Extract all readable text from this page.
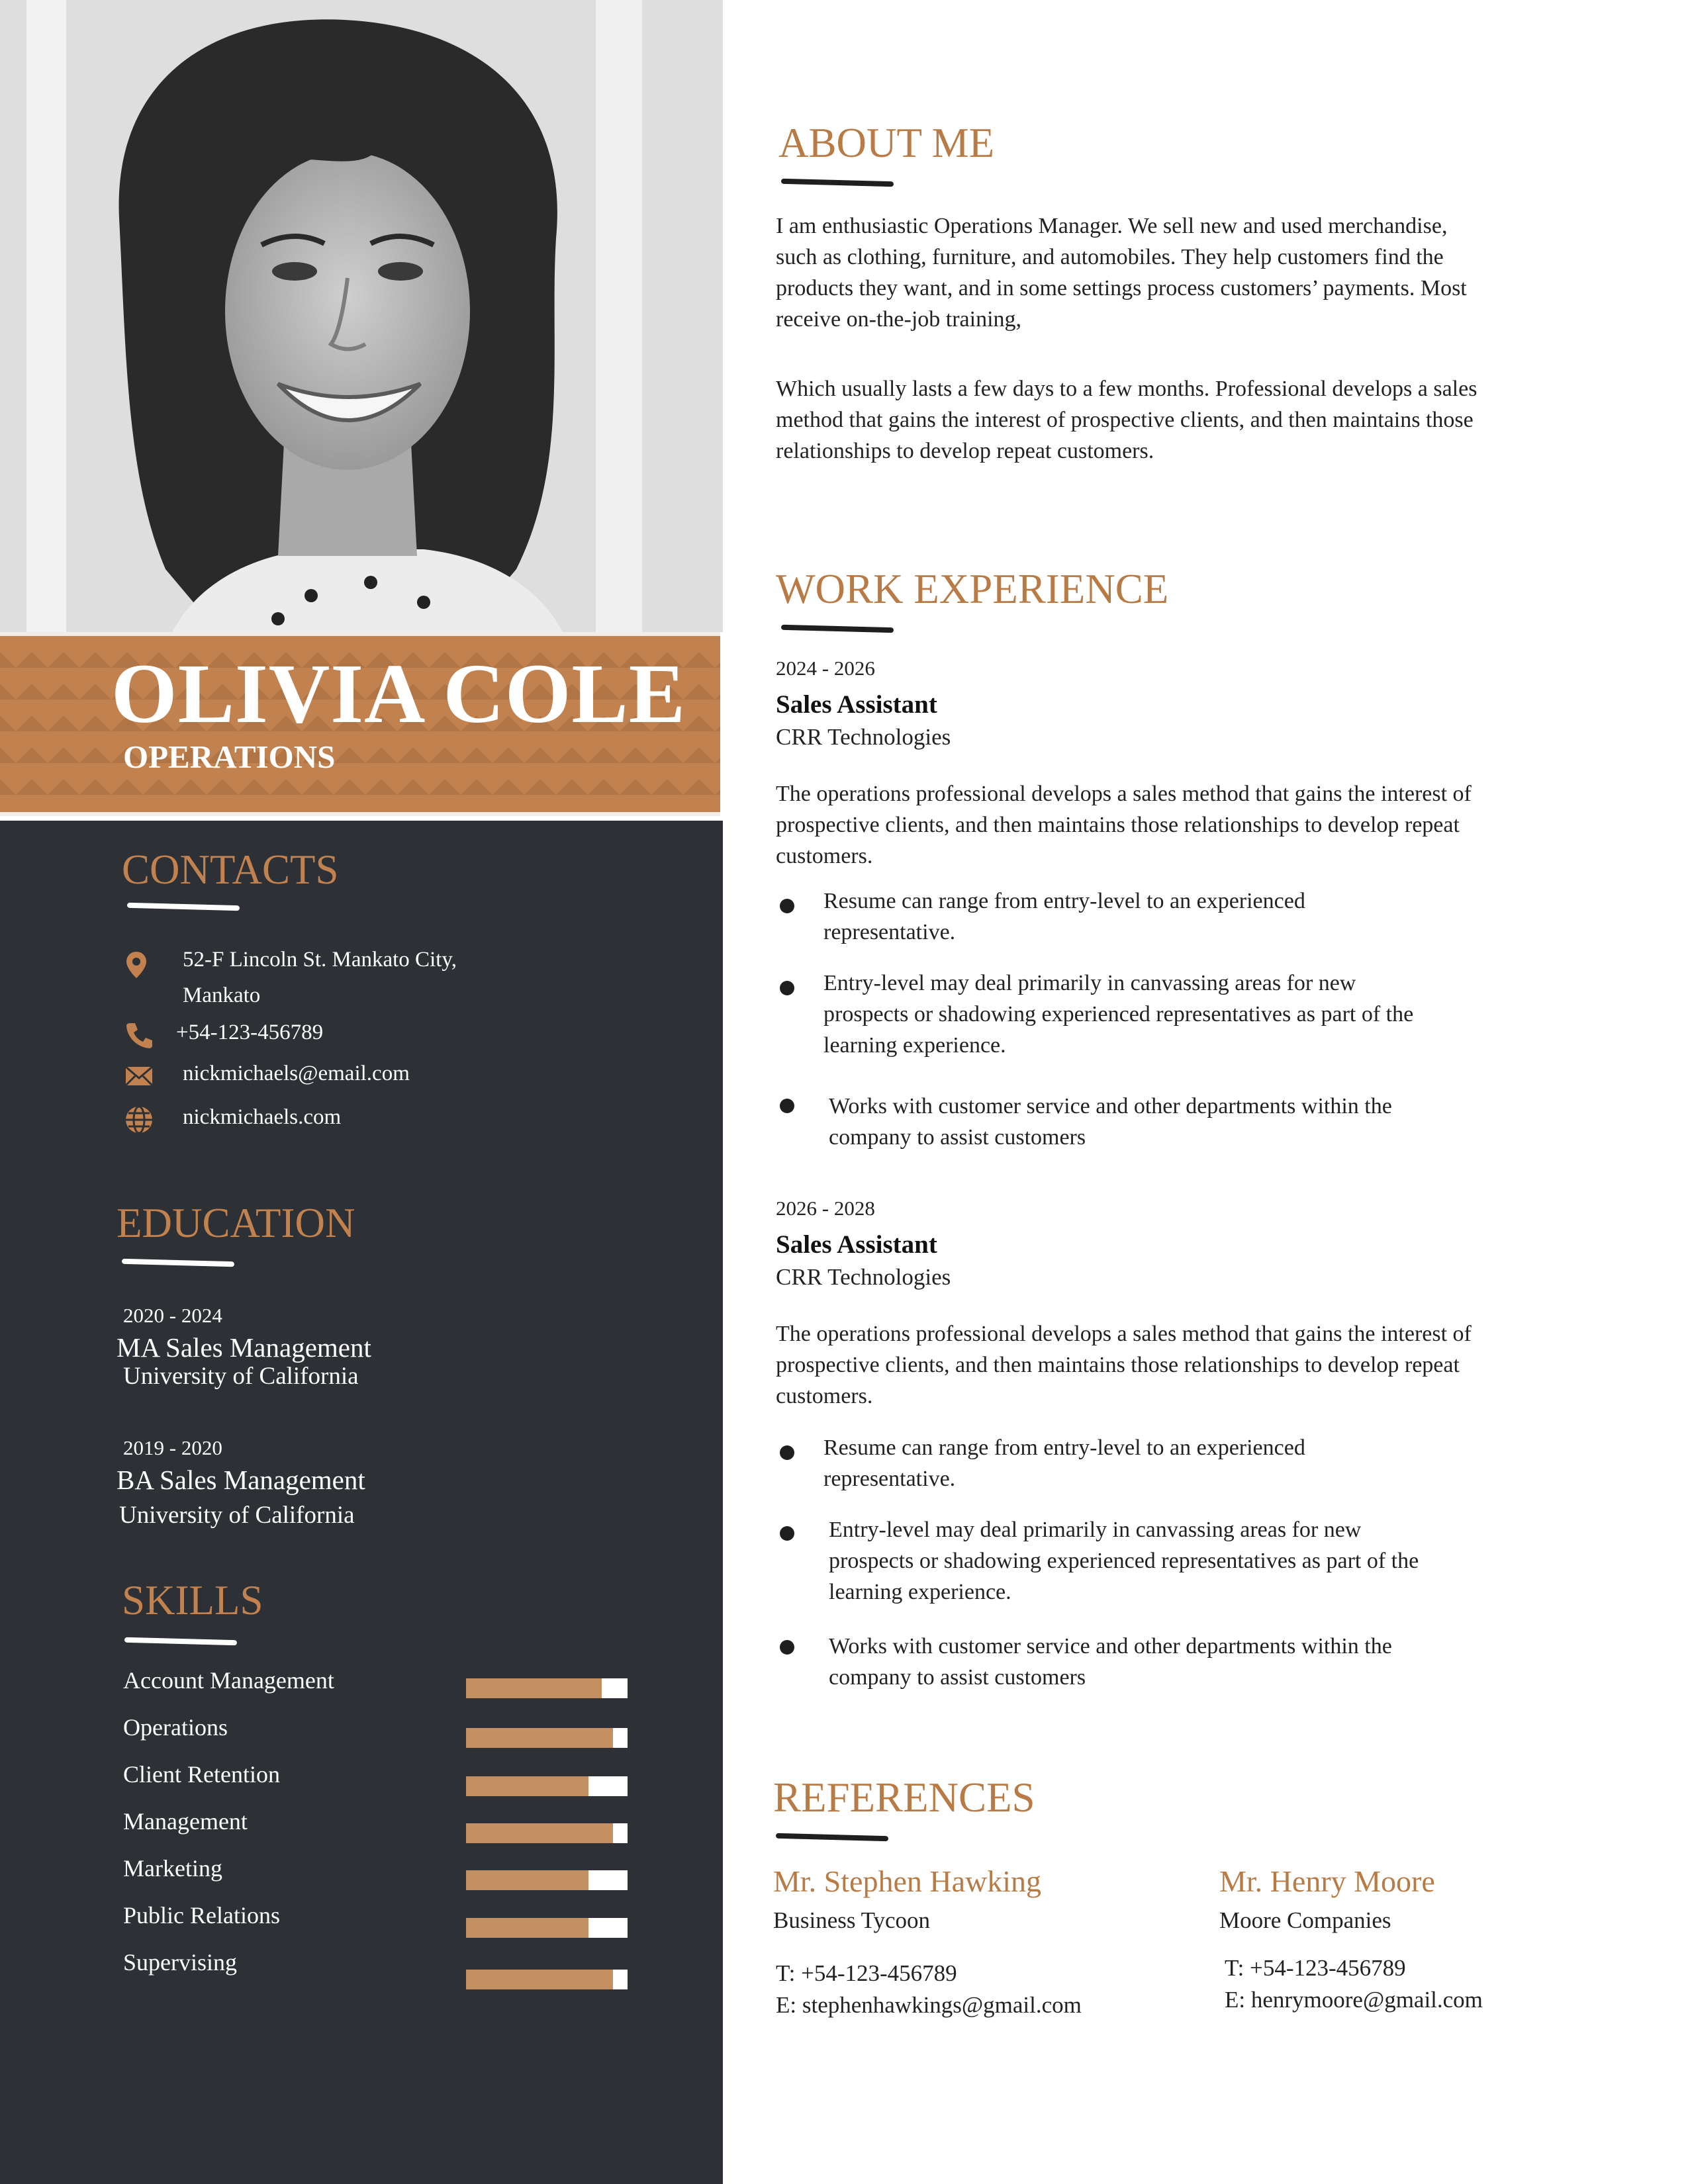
OLIVIA COLE
OPERATIONS
CONTACTS
52-F Lincoln St. Mankato City,
Mankato
+54-123-456789
nickmichaels@email.com
nickmichaels.com
EDUCATION
2020 - 2024
MA Sales Management
University of California
2019 - 2020
BA Sales Management
University of California
SKILLS
Account Management
Operations
Client Retention
Management
Marketing
Public Relations
Supervising
ABOUT ME
I am enthusiastic Operations Manager. We sell new and used merchandise,
such as clothing, furniture, and automobiles. They help customers find the
products they want, and in some settings process customers’ payments. Most
receive on-the-job training,
Which usually lasts a few days to a few months. Professional develops a sales
method that gains the interest of prospective clients, and then maintains those
relationships to develop repeat customers.
WORK EXPERIENCE
2024 - 2026
Sales Assistant
CRR Technologies
The operations professional develops a sales method that gains the interest of
prospective clients, and then maintains those relationships to develop repeat
customers.
Resume can range from entry-level to an experienced
representative.
Entry-level may deal primarily in canvassing areas for new
prospects or shadowing experienced representatives as part of the
learning experience.
Works with customer service and other departments within the
company to assist customers
2026 - 2028
Sales Assistant
CRR Technologies
The operations professional develops a sales method that gains the interest of
prospective clients, and then maintains those relationships to develop repeat
customers.
Resume can range from entry-level to an experienced
representative.
Entry-level may deal primarily in canvassing areas for new
prospects or shadowing experienced representatives as part of the
learning experience.
Works with customer service and other departments within the
company to assist customers
REFERENCES
Mr. Stephen Hawking
Business Tycoon
T: +54-123-456789
E: stephenhawkings@gmail.com
Mr. Henry Moore
Moore Companies
T: +54-123-456789
E: henrymoore@gmail.com
